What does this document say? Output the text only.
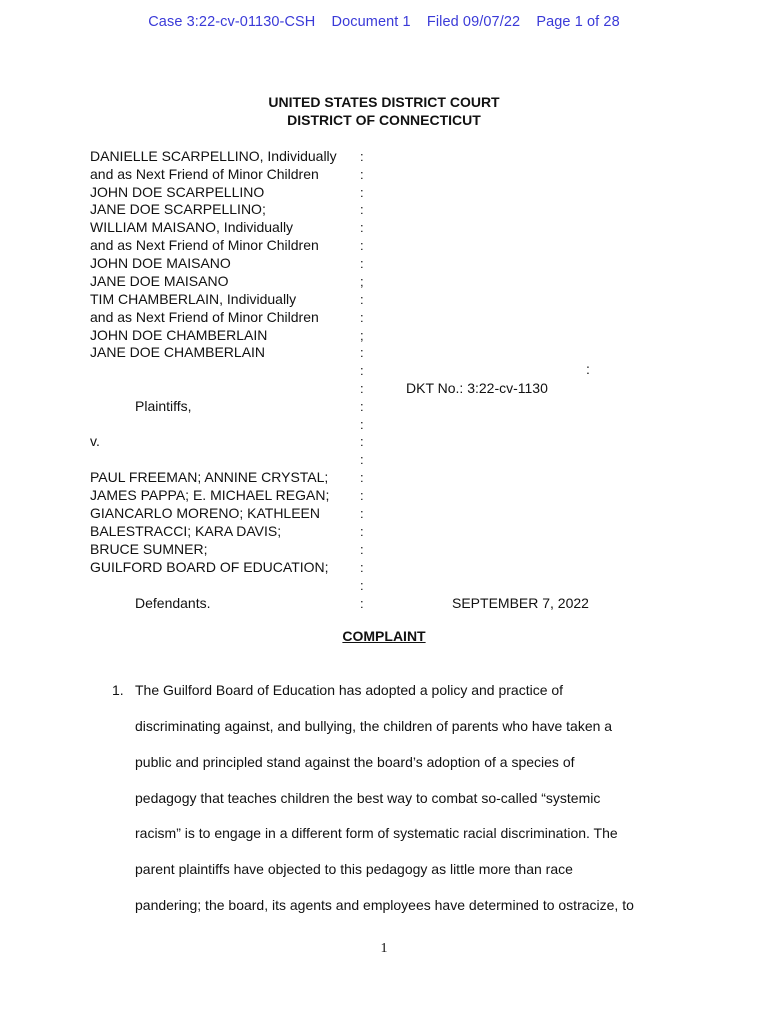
Case 3:22-cv-01130-CSH Document 1 Filed 09/07/22 Page 1 of 28
UNITED STATES DISTRICT COURT
DISTRICT OF CONNECTICUT
DANIELLE SCARPELLINO, Individually
and as Next Friend of Minor Children
JOHN DOE SCARPELLINO
JANE DOE SCARPELLINO;
WILLIAM MAISANO, Individually
and as Next Friend of Minor Children
JOHN DOE MAISANO
JANE DOE MAISANO
TIM CHAMBERLAIN, Individually
and as Next Friend of Minor Children
JOHN DOE CHAMBERLAIN
JANE DOE CHAMBERLAIN
Plaintiffs,
v.
PAUL FREEMAN; ANNINE CRYSTAL;
JAMES PAPPA; E. MICHAEL REGAN;
GIANCARLO MORENO; KATHLEEN
BALESTRACCI; KARA DAVIS;
BRUCE SUMNER;
GUILFORD BOARD OF EDUCATION;
Defendants.
:
DKT No.: 3:22-cv-1130
SEPTEMBER 7, 2022
:
:
:
:
:
:
:
;
:
:
;
:
:
:
:
:
:
:
:
:
:
:
:
:
:
:
COMPLAINT
1. The Guilford Board of Education has adopted a policy and practice of
discriminating against, and bullying, the children of parents who have taken a
public and principled stand against the board’s adoption of a species of
pedagogy that teaches children the best way to combat so-called “systemic
racism” is to engage in a different form of systematic racial discrimination. The
parent plaintiffs have objected to this pedagogy as little more than race
pandering; the board, its agents and employees have determined to ostracize, to
1
